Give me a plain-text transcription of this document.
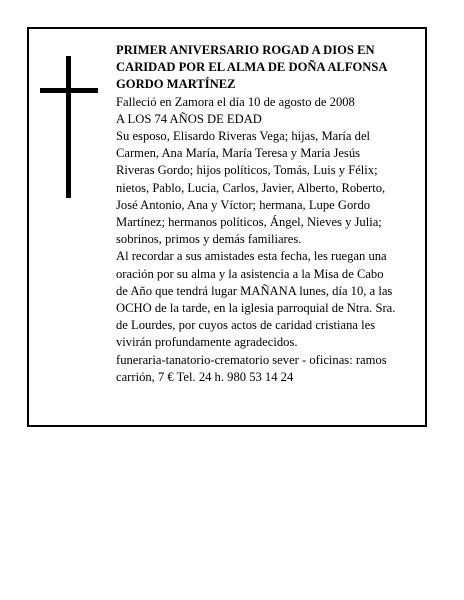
PRIMER ANIVERSARIO ROGAD A DIOS EN CARIDAD POR EL ALMA DE DOÑA ALFONSA GORDO MARTÍNEZ

Falleció en Zamora el día 10 de agosto de 2008

A LOS 74 AÑOS DE EDAD

Su esposo, Elisardo Riveras Vega; hijas, María del Carmen, Ana María, María Teresa y María Jesús Riveras Gordo; hijos políticos, Tomás, Luis y Félix; nietos, Pablo, Lucia, Carlos, Javier, Alberto, Roberto, José Antonio, Ana y Víctor; hermana, Lupe Gordo Martínez; hermanos políticos, Ángel, Nieves y Julia; sobrinos, primos y demás familiares.

Al recordar a sus amistades esta fecha, les ruegan una oración por su alma y la asistencia a la Misa de Cabo de Año que tendrá lugar MAÑANA lunes, día 10, a las OCHO de la tarde, en la iglesia parroquial de Ntra. Sra. de Lourdes, por cuyos actos de caridad cristiana les vivirán profundamente agradecidos.

funeraria-tanatorio-crematorio sever - oficinas: ramos carrión, 7 € Tel. 24 h. 980 53 14 24
